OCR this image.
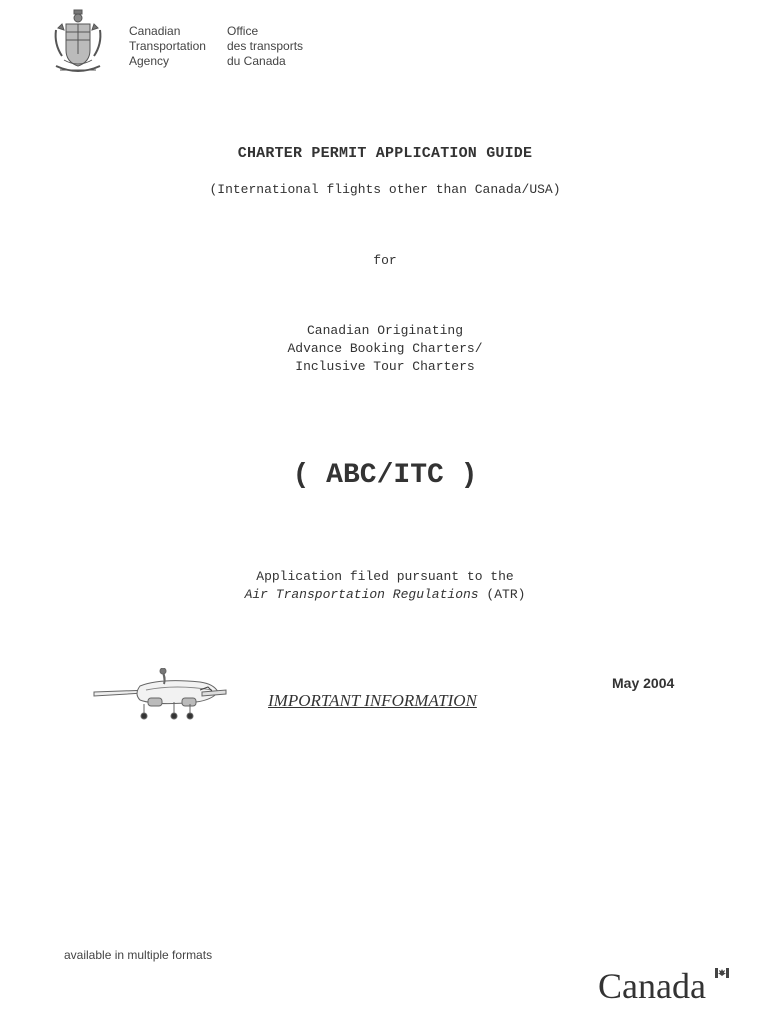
Canadian
Transportation
Agency
Office
des transports
du Canada
CHARTER PERMIT APPLICATION GUIDE
(International flights other than Canada/USA)
for
Canadian Originating
Advance Booking Charters/
Inclusive Tour Charters
( ABC/ITC )
Application filed pursuant to the
Air Transportation Regulations (ATR)
IMPORTANT INFORMATION
May 2004
available in multiple formats
Canada
